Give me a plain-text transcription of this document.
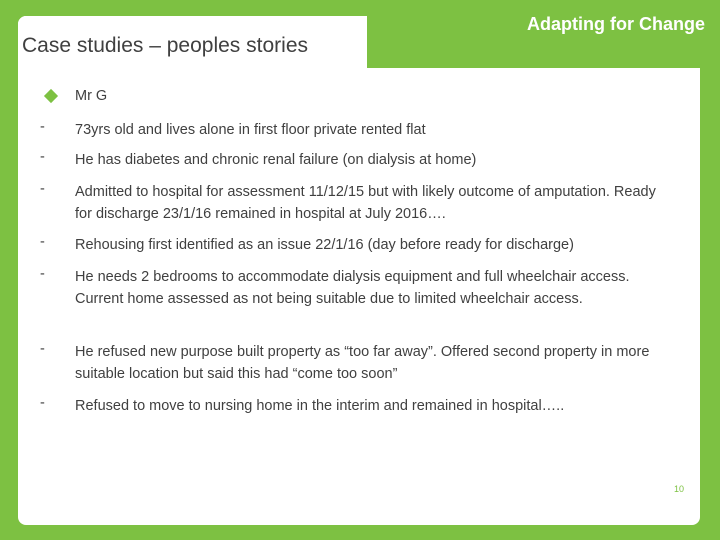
Adapting for Change
Case studies – peoples stories
Mr G
- 73yrs old and lives alone in first floor private rented flat
- He has diabetes and chronic renal failure (on dialysis at home)
- Admitted to hospital for assessment 11/12/15 but with likely outcome of amputation. Ready for discharge 23/1/16 remained in hospital at July 2016….
- Rehousing first identified as an issue 22/1/16 (day before ready for discharge)
- He needs 2 bedrooms to accommodate dialysis equipment and full wheelchair access. Current home assessed as not being suitable due to limited wheelchair access.
- He refused new purpose built property as “too far away”. Offered second property in more suitable location but said this had “come too soon”
- Refused to move to nursing home in the interim and remained in hospital…..
10
